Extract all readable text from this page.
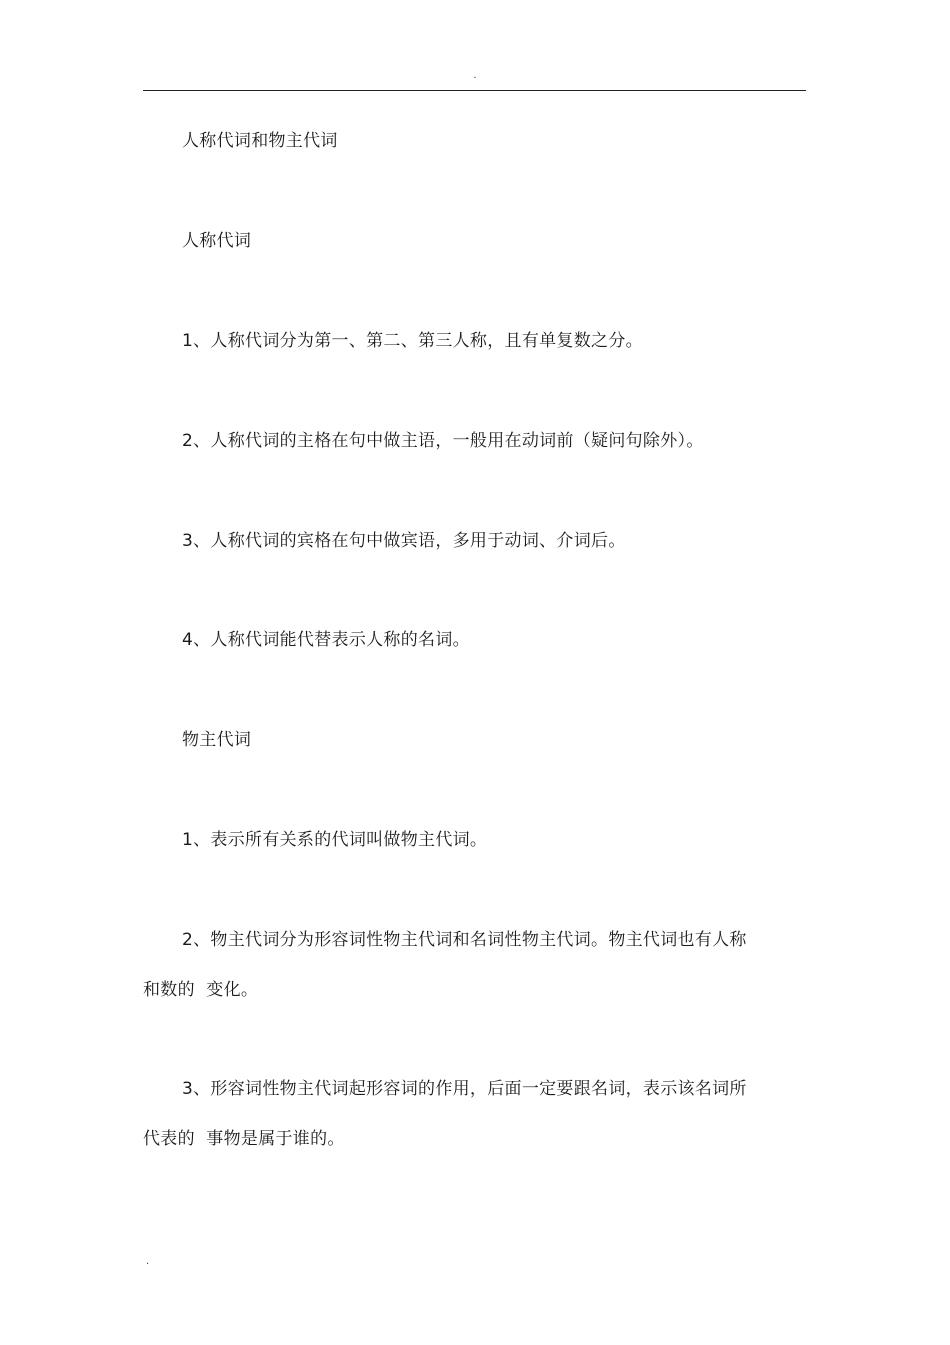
.
人称代词和物主代词
人称代词
1、人称代词分为第一、第二、第三人称，且有单复数之分。
2、人称代词的主格在句中做主语，一般用在动词前（疑问句除外）。
3、人称代词的宾格在句中做宾语，多用于动词、介词后。
4、人称代词能代替表示人称的名词。
物主代词
1、表示所有关系的代词叫做物主代词。
2、物主代词分为形容词性物主代词和名词性物主代词。物主代词也有人称
和数的  变化。
3、形容词性物主代词起形容词的作用，后面一定要跟名词，表示该名词所
代表的  事物是属于谁的。
.
